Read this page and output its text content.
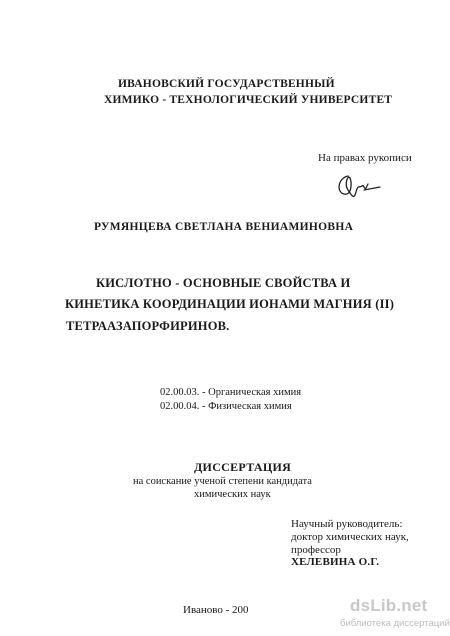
ИВАНОВСКИЙ ГОСУДАРСТВЕННЫЙ
ХИМИКО - ТЕХНОЛОГИЧЕСКИЙ УНИВЕРСИТЕТ
На правах рукописи
РУМЯНЦЕВА СВЕТЛАНА ВЕНИАМИНОВНА
КИСЛОТНО - ОСНОВНЫЕ СВОЙСТВА И
КИНЕТИКА КООРДИНАЦИИ ИОНАМИ МАГНИЯ (II)
ТЕТРААЗАПОРФИРИНОВ.
02.00.03. - Органическая химия
02.00.04. - Физическая химия
ДИССЕРТАЦИЯ
на соискание ученой степени кандидата
химических наук
Научный руководитель:
доктор химических наук,
профессор
ХЕЛЕВИНА О.Г.
Иваново - 200	dsLib.net
библиотека диссертаций
